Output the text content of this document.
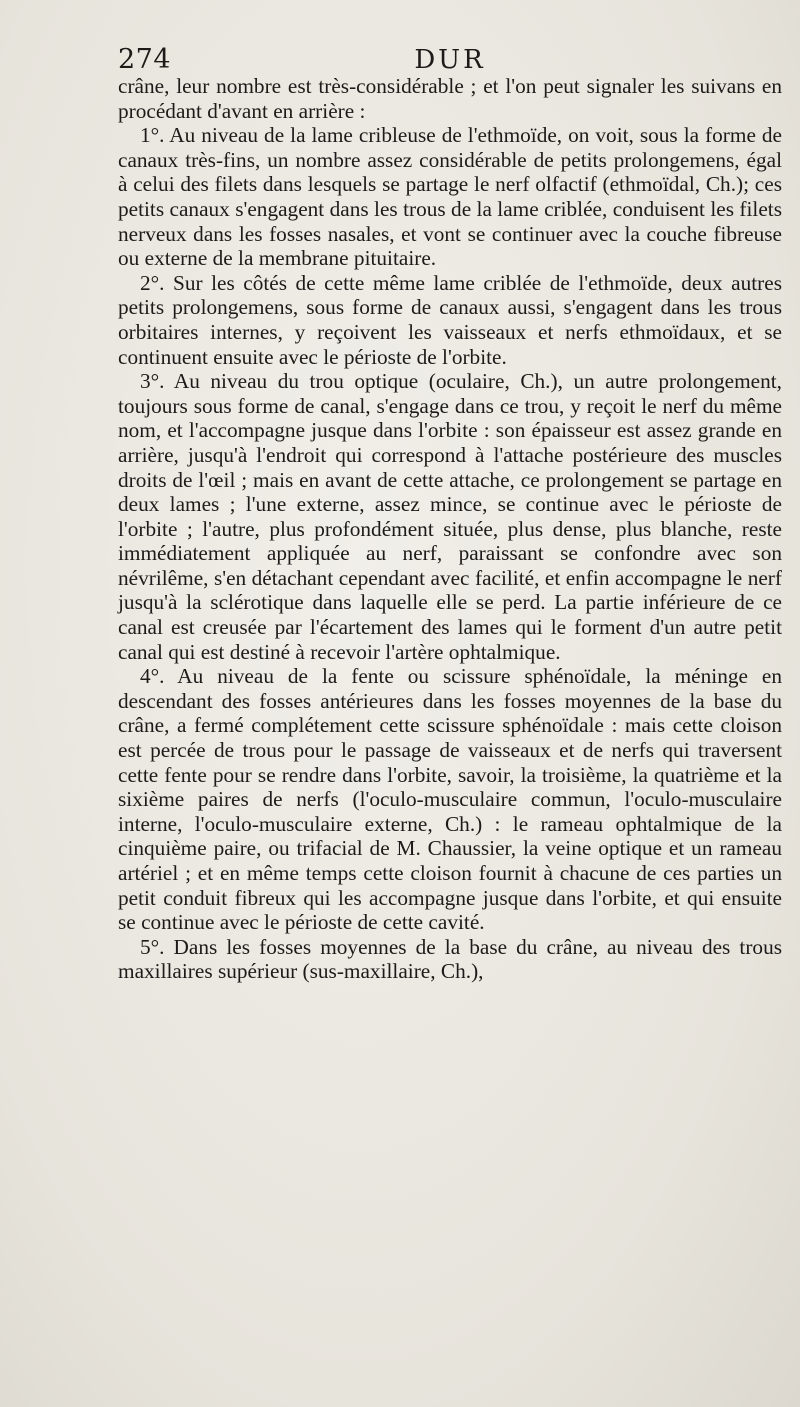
274	DUR

crâne, leur nombre est très-considérable ; et l'on peut signaler les suivans en procédant d'avant en arrière :

1°. Au niveau de la lame cribleuse de l'ethmoïde, on voit, sous la forme de canaux très-fins, un nombre assez considérable de petits prolongemens, égal à celui des filets dans lesquels se partage le nerf olfactif (ethmoïdal, Ch.); ces petits canaux s'engagent dans les trous de la lame criblée, conduisent les filets nerveux dans les fosses nasales, et vont se continuer avec la couche fibreuse ou externe de la membrane pituitaire.

2°. Sur les côtés de cette même lame criblée de l'ethmoïde, deux autres petits prolongemens, sous forme de canaux aussi, s'engagent dans les trous orbitaires internes, y reçoivent les vaisseaux et nerfs ethmoïdaux, et se continuent ensuite avec le périoste de l'orbite.

3°. Au niveau du trou optique (oculaire, Ch.), un autre prolongement, toujours sous forme de canal, s'engage dans ce trou, y reçoit le nerf du même nom, et l'accompagne jusque dans l'orbite : son épaisseur est assez grande en arrière, jusqu'à l'endroit qui correspond à l'attache postérieure des muscles droits de l'œil ; mais en avant de cette attache, ce prolongement se partage en deux lames ; l'une externe, assez mince, se continue avec le périoste de l'orbite ; l'autre, plus profondément située, plus dense, plus blanche, reste immédiatement appliquée au nerf, paraissant se confondre avec son névrilême, s'en détachant cependant avec facilité, et enfin accompagne le nerf jusqu'à la sclérotique dans laquelle elle se perd. La partie inférieure de ce canal est creusée par l'écartement des lames qui le forment d'un autre petit canal qui est destiné à recevoir l'artère ophtalmique.

4°. Au niveau de la fente ou scissure sphénoïdale, la méninge en descendant des fosses antérieures dans les fosses moyennes de la base du crâne, a fermé complétement cette scissure sphénoïdale : mais cette cloison est percée de trous pour le passage de vaisseaux et de nerfs qui traversent cette fente pour se rendre dans l'orbite, savoir, la troisième, la quatrième et la sixième paires de nerfs (l'oculo-musculaire commun, l'oculo-musculaire interne, l'oculo-musculaire externe, Ch.) : le rameau ophtalmique de la cinquième paire, ou trifacial de M. Chaussier, la veine optique et un rameau artériel ; et en même temps cette cloison fournit à chacune de ces parties un petit conduit fibreux qui les accompagne jusque dans l'orbite, et qui ensuite se continue avec le périoste de cette cavité.

5°. Dans les fosses moyennes de la base du crâne, au niveau des trous maxillaires supérieur (sus-maxillaire, Ch.),
